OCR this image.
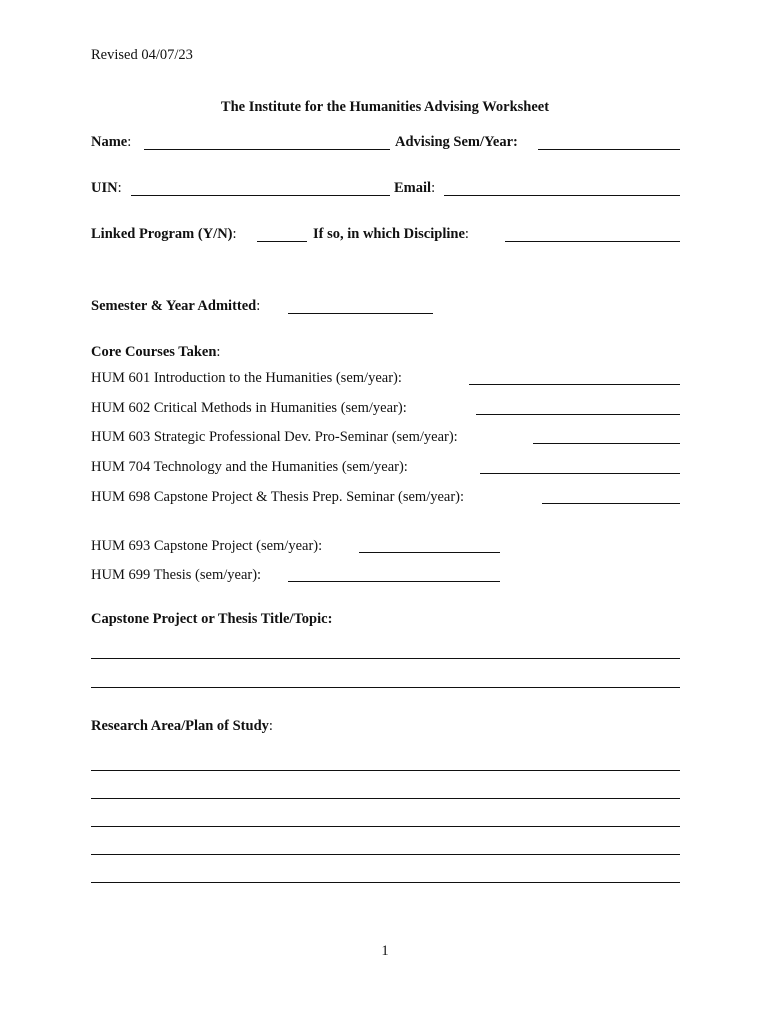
Revised 04/07/23
The Institute for the Humanities Advising Worksheet
Name:	Advising Sem/Year:
UIN:	Email:
Linked Program (Y/N):	If so, in which Discipline:
Semester & Year Admitted:
Core Courses Taken:
HUM 601 Introduction to the Humanities (sem/year):
HUM 602 Critical Methods in Humanities (sem/year):
HUM 603 Strategic Professional Dev. Pro-Seminar (sem/year):
HUM 704 Technology and the Humanities (sem/year):
HUM 698 Capstone Project & Thesis Prep. Seminar (sem/year):
HUM 693 Capstone Project (sem/year):
HUM 699 Thesis (sem/year):
Capstone Project or Thesis Title/Topic:
Research Area/Plan of Study:
1
